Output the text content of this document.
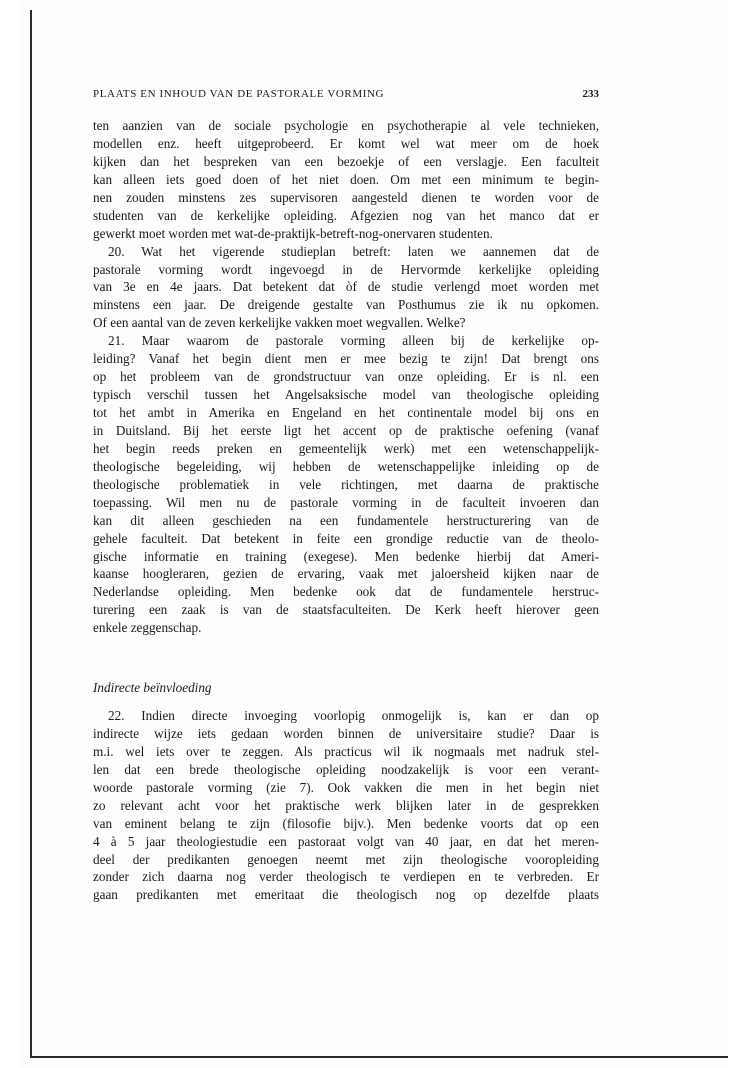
PLAATS EN INHOUD VAN DE PASTORALE VORMING	233
ten aanzien van de sociale psychologie en psychotherapie al vele technieken,
modellen enz. heeft uitgeprobeerd. Er komt wel wat meer om de hoek
kijken dan het bespreken van een bezoekje of een verslagje. Een faculteit
kan alleen iets goed doen of het niet doen. Om met een minimum te begin-
nen zouden minstens zes supervisoren aangesteld dienen te worden voor de
studenten van de kerkelijke opleiding. Afgezien nog van het manco dat er
gewerkt moet worden met wat-de-praktijk-betreft-nog-onervaren studenten.
20. Wat het vigerende studieplan betreft: laten we aannemen dat de
pastorale vorming wordt ingevoegd in de Hervormde kerkelijke opleiding
van 3e en 4e jaars. Dat betekent dat òf de studie verlengd moet worden met
minstens een jaar. De dreigende gestalte van Posthumus zie ik nu opkomen.
Of een aantal van de zeven kerkelijke vakken moet wegvallen. Welke?
21. Maar waarom de pastorale vorming alleen bij de kerkelijke op-
leiding? Vanaf het begin dient men er mee bezig te zijn! Dat brengt ons
op het probleem van de grondstructuur van onze opleiding. Er is nl. een
typisch verschil tussen het Angelsaksische model van theologische opleiding
tot het ambt in Amerika en Engeland en het continentale model bij ons en
in Duitsland. Bij het eerste ligt het accent op de praktische oefening (vanaf
het begin reeds preken en gemeentelijk werk) met een wetenschappelijk-
theologische begeleiding, wij hebben de wetenschappelijke inleiding op de
theologische problematiek in vele richtingen, met daarna de praktische
toepassing. Wil men nu de pastorale vorming in de faculteit invoeren dan
kan dit alleen geschieden na een fundamentele herstructurering van de
gehele faculteit. Dat betekent in feite een grondige reductie van de theolo-
gische informatie en training (exegese). Men bedenke hierbij dat Ameri-
kaanse hoogleraren, gezien de ervaring, vaak met jaloersheid kijken naar de
Nederlandse opleiding. Men bedenke ook dat de fundamentele herstruc-
turering een zaak is van de staatsfaculteiten. De Kerk heeft hierover geen
enkele zeggenschap.
Indirecte beïnvloeding
22. Indien directe invoeging voorlopig onmogelijk is, kan er dan op
indirecte wijze iets gedaan worden binnen de universitaire studie? Daar is
m.i. wel iets over te zeggen. Als practicus wil ik nogmaals met nadruk stel-
len dat een brede theologische opleiding noodzakelijk is voor een verant-
woorde pastorale vorming (zie 7). Ook vakken die men in het begin niet
zo relevant acht voor het praktische werk blijken later in de gesprekken
van eminent belang te zijn (filosofie bijv.). Men bedenke voorts dat op een
4 à 5 jaar theologiestudie een pastoraat volgt van 40 jaar, en dat het meren-
deel der predikanten genoegen neemt met zijn theologische vooropleiding
zonder zich daarna nog verder theologisch te verdiepen en te verbreden. Er
gaan predikanten met emeritaat die theologisch nog op dezelfde plaats
